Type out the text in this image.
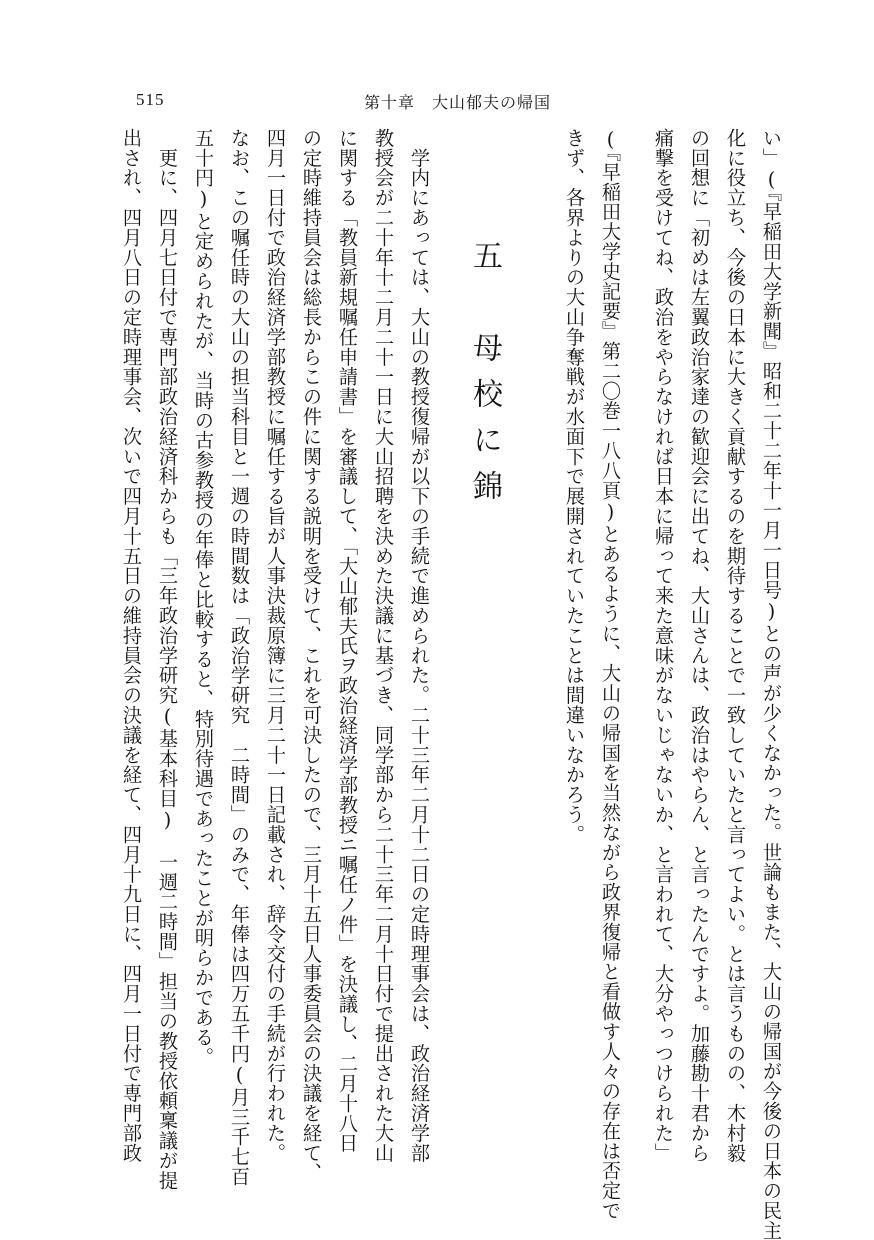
515	第十章　大山郁夫の帰国
い」(『早稲田大学新聞』昭和二十二年十一月一日号)との声が少くなかった。世論もまた、大山の帰国が今後の日本の民主
化に役立ち、今後の日本に大きく貢献するのを期待することで一致していたと言ってよい。とは言うものの、木村毅
の回想に「初めは左翼政治家達の歓迎会に出てね、大山さんは、政治はやらん、と言ったんですよ。加藤勘十君から
痛撃を受けてね、政治をやらなければ日本に帰って来た意味がないじゃないか、と言われて、大分やっつけられた」
(『早稲田大学史記要』第二〇巻一八八頁)とあるように、大山の帰国を当然ながら政界復帰と看做す人々の存在は否定で
きず、各界よりの大山争奪戦が水面下で展開されていたことは間違いなかろう。
五　母校に錦
　学内にあっては、大山の教授復帰が以下の手続で進められた。二十三年二月十二日の定時理事会は、政治経済学部
教授会が二十年十二月二十一日に大山招聘を決めた決議に基づき、同学部から二十三年二月十日付で提出された大山
に関する「教員新規嘱任申請書」を審議して、「大山郁夫氏ヲ政治経済学部教授ニ嘱任ノ件」を決議し、二月十八日
の定時維持員会は総長からこの件に関する説明を受けて、これを可決したので、三月十五日人事委員会の決議を経て、
四月一日付で政治経済学部教授に嘱任する旨が人事決裁原簿に三月二十一日記載され、辞令交付の手続が行われた。
なお、この嘱任時の大山の担当科目と一週の時間数は「政治学研究　二時間」のみで、年俸は四万五千円(月三千七百
五十円)と定められたが、当時の古参教授の年俸と比較すると、特別待遇であったことが明らかである。
　更に、四月七日付で専門部政治経済科からも「三年政治学研究(基本科目)　一週二時間」担当の教授依頼稟議が提
出され、四月八日の定時理事会、次いで四月十五日の維持員会の決議を経て、四月十九日に、四月一日付で専門部政
